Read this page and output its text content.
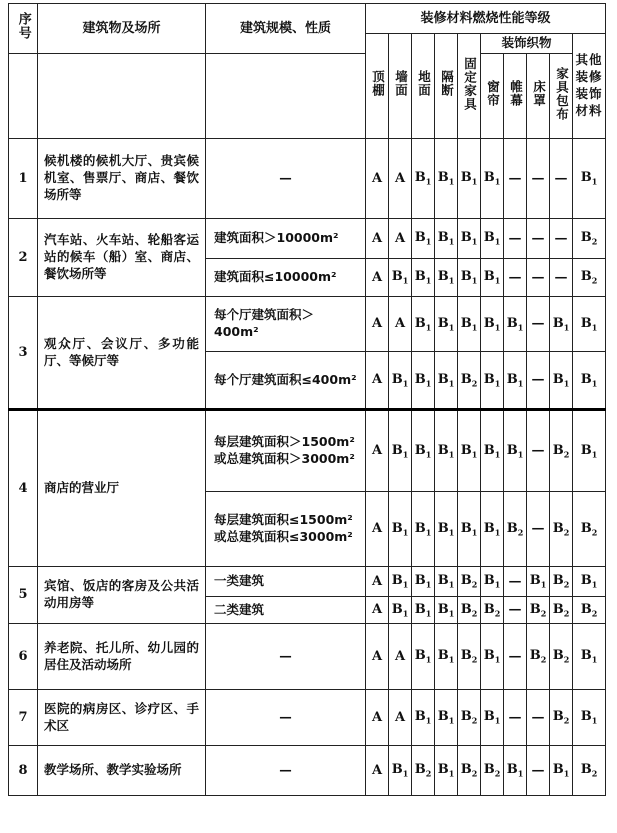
序号	建筑物及场所	建筑规模、性质	装修材料燃烧性能等级									
			顶棚	墙面	地面	隔断	固定家具	装饰织物				其他装修装饰材料
								窗帘	帷幕	床罩	家具包布	
1	候机楼的候机大厅、贵宾候机室、售票厅、商店、餐饮场所等	—	A	A	$B_1$	$B_1$	$B_1$	$B_1$	—	—	—	$B_1$
2	汽车站、火车站、轮船客运站的候车（船）室、商店、餐饮场所等	建筑面积＞10000m²	A	A	$B_1$	$B_1$	$B_1$	$B_1$	—	—	—	$B_2$
		建筑面积≤10000m²	A	$B_1$	$B_1$	$B_1$	$B_1$	$B_1$	—	—	—	$B_2$
3	观众厅、会议厅、多功能厅、等候厅等	每个厅建筑面积＞400m²	A	A	$B_1$	$B_1$	$B_1$	$B_1$	$B_1$	—	$B_1$	$B_1$
		每个厅建筑面积≤400m²	A	$B_1$	$B_1$	$B_1$	$B_2$	$B_1$	$B_1$	—	$B_1$	$B_1$
4	商店的营业厅	每层建筑面积＞1500m²或总建筑面积＞3000m²	A	$B_1$	$B_1$	$B_1$	$B_1$	$B_1$	$B_1$	—	$B_2$	$B_1$
		每层建筑面积≤1500m²或总建筑面积≤3000m²	A	$B_1$	$B_1$	$B_1$	$B_1$	$B_1$	$B_2$	—	$B_2$	$B_2$
5	宾馆、饭店的客房及公共活动用房等	一类建筑	A	$B_1$	$B_1$	$B_1$	$B_2$	$B_1$	—	$B_1$	$B_2$	$B_1$
		二类建筑	A	$B_1$	$B_1$	$B_1$	$B_2$	$B_2$	—	$B_2$	$B_2$	$B_2$
6	养老院、托儿所、幼儿园的居住及活动场所	—	A	A	$B_1$	$B_1$	$B_2$	$B_1$	—	$B_2$	$B_2$	$B_1$
7	医院的病房区、诊疗区、手术区	—	A	A	$B_1$	$B_1$	$B_2$	$B_1$	—	—	$B_2$	$B_1$
8	教学场所、教学实验场所	—	A	$B_1$	$B_2$	$B_1$	$B_2$	$B_2$	$B_1$	—	$B_1$	$B_2$
